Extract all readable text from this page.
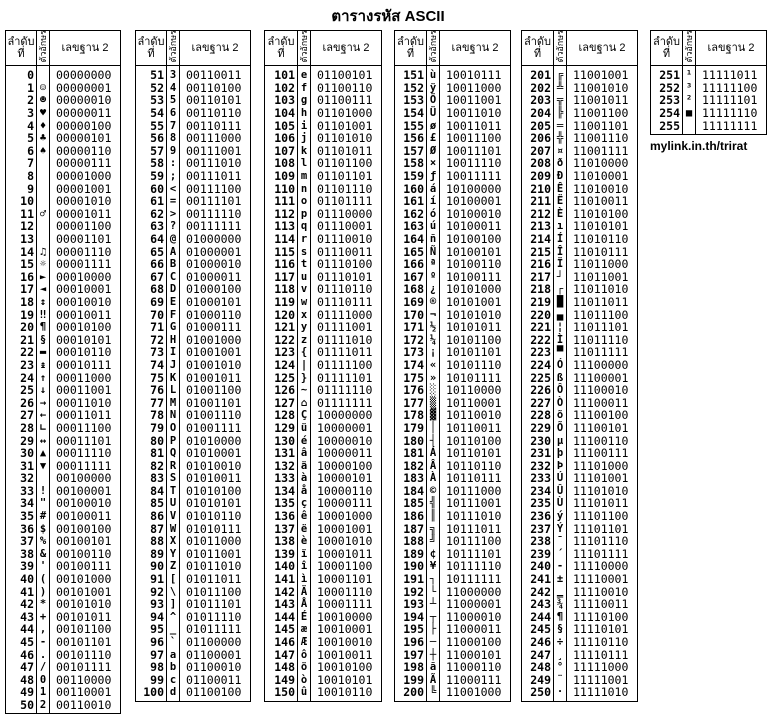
ตารางรหัส ASCII
ลำดับที่	ตัวอักษร	เลขฐาน 2
0		00000000
1	☺	00000001
2	☻	00000010
3	♥	00000011
4	♦	00000100
5	♣	00000101
6	♠	00000110
7		00000111
8		00001000
9		00001001
10		00001010
11	♂	00001011
12		00001100
13		00001101
14	♫	00001110
15	☼	00001111
16	►	00010000
17	◄	00010001
18	↕	00010010
19	‼	00010011
20	¶	00010100
21	§	00010101
22	▬	00010110
23	↨	00010111
24	↑	00011000
25	↓	00011001
26	→	00011010
27	←	00011011
28	∟	00011100
29	↔	00011101
30	▲	00011110
31	▼	00011111
32		00100000
33	!	00100001
34	"	00100010
35	#	00100011
36	$	00100100
37	%	00100101
38	&	00100110
39	'	00100111
40	(	00101000
41	)	00101001
42	*	00101010
43	+	00101011
44	,	00101100
45	-	00101101
46	.	00101110
47	/	00101111
48	0	00110000
49	1	00110001
50	2	00110010
ลำดับที่	ตัวอักษร	เลขฐาน 2
51	3	00110011
52	4	00110100
53	5	00110101
54	6	00110110
55	7	00110111
56	8	00111000
57	9	00111001
58	:	00111010
59	;	00111011
60	<	00111100
61	=	00111101
62	>	00111110
63	?	00111111
64	@	01000000
65	A	01000001
66	B	01000010
67	C	01000011
68	D	01000100
69	E	01000101
70	F	01000110
71	G	01000111
72	H	01001000
73	I	01001001
74	J	01001010
75	K	01001011
76	L	01001100
77	M	01001101
78	N	01001110
79	O	01001111
80	P	01010000
81	Q	01010001
82	R	01010010
83	S	01010011
84	T	01010100
85	U	01010101
86	V	01010110
87	W	01010111
88	X	01011000
89	Y	01011001
90	Z	01011010
91	[	01011011
92	\	01011100
93	]	01011101
94	^	01011110
95	_	01011111
96	`	01100000
97	a	01100001
98	b	01100010
99	c	01100011
100	d	01100100
ลำดับที่	ตัวอักษร	เลขฐาน 2
101	e	01100101
102	f	01100110
103	g	01100111
104	h	01101000
105	i	01101001
106	j	01101010
107	k	01101011
108	l	01101100
109	m	01101101
110	n	01101110
111	o	01101111
112	p	01110000
113	q	01110001
114	r	01110010
115	s	01110011
116	t	01110100
117	u	01110101
118	v	01110110
119	w	01110111
120	x	01111000
121	y	01111001
122	z	01111010
123	{	01111011
124	|	01111100
125	}	01111101
126	~	01111110
127	⌂	01111111
128	Ç	10000000
129	ü	10000001
130	é	10000010
131	â	10000011
132	ä	10000100
133	à	10000101
134	å	10000110
135	ç	10000111
136	ê	10001000
137	ë	10001001
138	è	10001010
139	ï	10001011
140	î	10001100
141	ì	10001101
142	Ä	10001110
143	Å	10001111
144	É	10010000
145	æ	10010001
146	Æ	10010010
147	ô	10010011
148	ö	10010100
149	ò	10010101
150	û	10010110
ลำดับที่	ตัวอักษร	เลขฐาน 2
151	ù	10010111
152	ÿ	10011000
153	Ö	10011001
154	Ü	10011010
155	ø	10011011
156	£	10011100
157	Ø	10011101
158	×	10011110
159	ƒ	10011111
160	á	10100000
161	í	10100001
162	ó	10100010
163	ú	10100011
164	ñ	10100100
165	Ñ	10100101
166	ª	10100110
167	º	10100111
168	¿	10101000
169	®	10101001
170	¬	10101010
171	½	10101011
172	¼	10101100
173	¡	10101101
174	«	10101110
175	»	10101111
176	░	10110000
177	▒	10110001
178	▓	10110010
179	│	10110011
180	┤	10110100
181	Á	10110101
182	Â	10110110
183	À	10110111
184	©	10111000
185	╣	10111001
186	║	10111010
187	╗	10111011
188	╝	10111100
189	¢	10111101
190	¥	10111110
191	┐	10111111
192	└	11000000
193	┴	11000001
194	┬	11000010
195	├	11000011
196	─	11000100
197	┼	11000101
198	ã	11000110
199	Ã	11000111
200	╚	11001000
ลำดับที่	ตัวอักษร	เลขฐาน 2
201	╔	11001001
202	╩	11001010
203	╦	11001011
204	╠	11001100
205	═	11001101
206	╬	11001110
207	¤	11001111
208	ð	11010000
209	Ð	11010001
210	Ê	11010010
211	Ë	11010011
212	È	11010100
213	ı	11010101
214	Í	11010110
215	Î	11010111
216	Ï	11011000
217	┘	11011001
218	┌	11011010
219	█	11011011
220	▄	11011100
221	¦	11011101
222	Ì	11011110
223	▀	11011111
224	Ó	11100000
225	ß	11100001
226	Ô	11100010
227	Ò	11100011
228	õ	11100100
229	Õ	11100101
230	µ	11100110
231	þ	11100111
232	Þ	11101000
233	Ú	11101001
234	Û	11101010
235	Ù	11101011
236	ý	11101100
237	Ý	11101101
238	¯	11101110
239	´	11101111
240	-	11110000
241	±	11110001
242	‗	11110010
243	¾	11110011
244	¶	11110100
245	§	11110101
246	÷	11110110
247	¸	11110111
248	°	11111000
249	¨	11111001
250	·	11111010
ลำดับที่	ตัวอักษร	เลขฐาน 2
251	¹	11111011
252	³	11111100
253	²	11111101
254	■	11111110
255		11111111
mylink.in.th/trirat
